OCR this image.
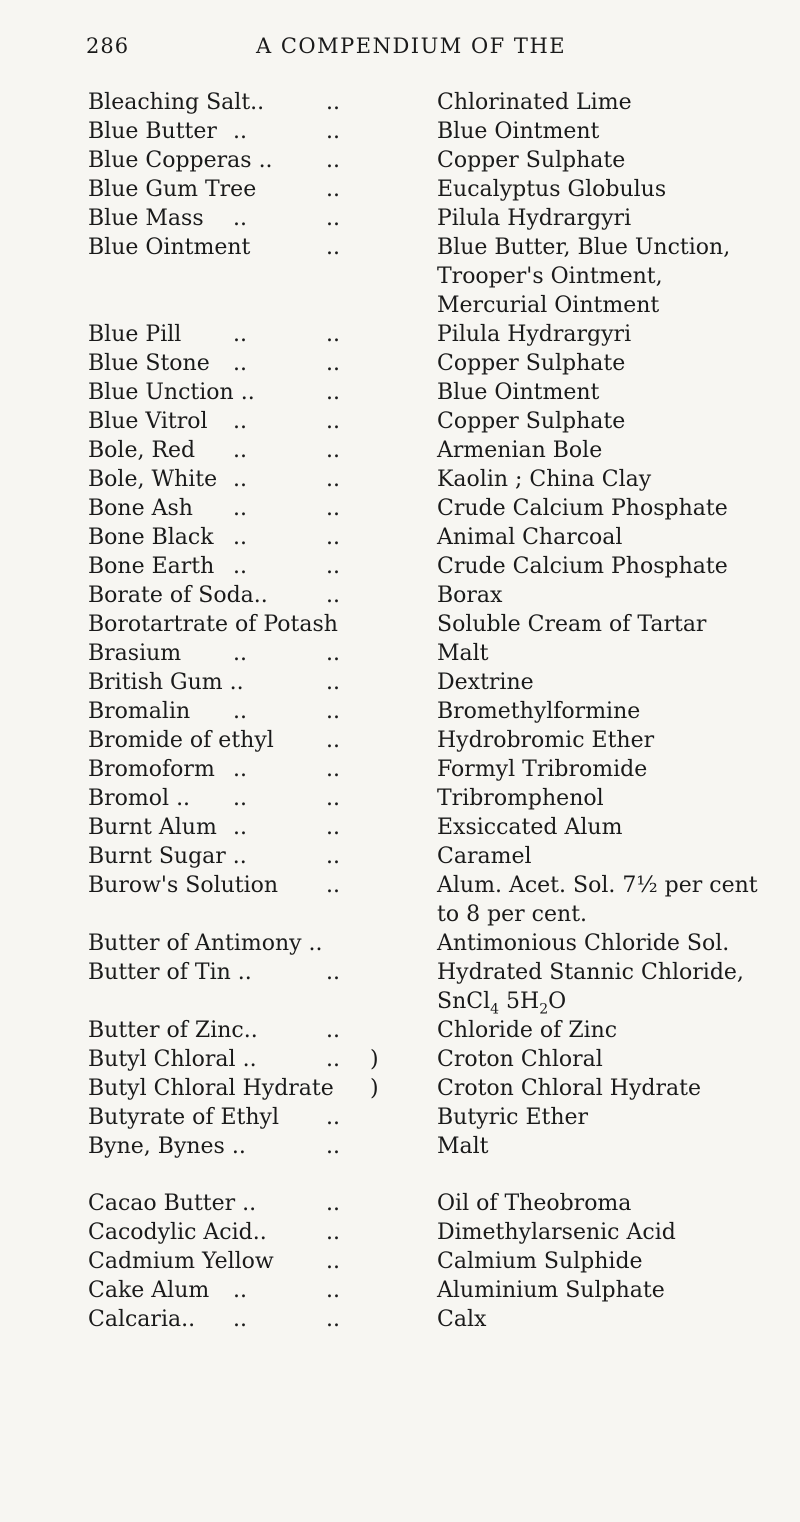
286	A COMPENDIUM OF THE
Bleaching Salt..	..	Chlorinated Lime
Blue Butter ..	..	Blue Ointment
Blue Copperas .. ..	Copper Sulphate
Blue Gum Tree	..	Eucalyptus Globulus
Blue Mass ..	..	Pilula Hydrargyri
Blue Ointment	..	Blue Butter, Blue Unction, Trooper's Ointment, Mercurial Ointment
Blue Pill ..	..	Pilula Hydrargyri
Blue Stone ..	..	Copper Sulphate
Blue Unction ..	..	Blue Ointment
Blue Vitrol ..	..	Copper Sulphate
Bole, Red ..	..	Armenian Bole
Bole, White ..	..	Kaolin ; China Clay
Bone Ash ..	..	Crude Calcium Phosphate
Bone Black ..	..	Animal Charcoal
Bone Earth ..	..	Crude Calcium Phosphate
Borate of Soda..	..	Borax
Borotartrate of Potash	Soluble Cream of Tartar
Brasium ..	..	Malt
British Gum ..	..	Dextrine
Bromalin ..	..	Bromethylformine
Bromide of ethyl ..	Hydrobromic Ether
Bromoform ..	..	Formyl Tribromide
Bromol .. ..	..	Tribromphenol
Burnt Alum ..	..	Exsiccated Alum
Burnt Sugar ..	..	Caramel
Burow's Solution ..	Alum. Acet. Sol. 7½ per cent to 8 per cent.
Butter of Antimony ..	Antimonious Chloride Sol.
Butter of Tin ..	..	Hydrated Stannic Chloride, SnCl$_4$ $5H_2O$
Butter of Zinc..	..	Chloride of Zinc
Butyl Chloral ..	.. )	Croton Chloral
Butyl Chloral Hydrate )	Croton Chloral Hydrate
Butyrate of Ethyl ..	Butyric Ether
Byne, Bynes ..	..	Malt
Cacao Butter ..	..	Oil of Theobroma
Cacodylic Acid..	..	Dimethylarsenic Acid
Cadmium Yellow ..	Calmium Sulphide
Cake Alum ..	..	Aluminium Sulphate
Calcaria.. ..	..	Calx
